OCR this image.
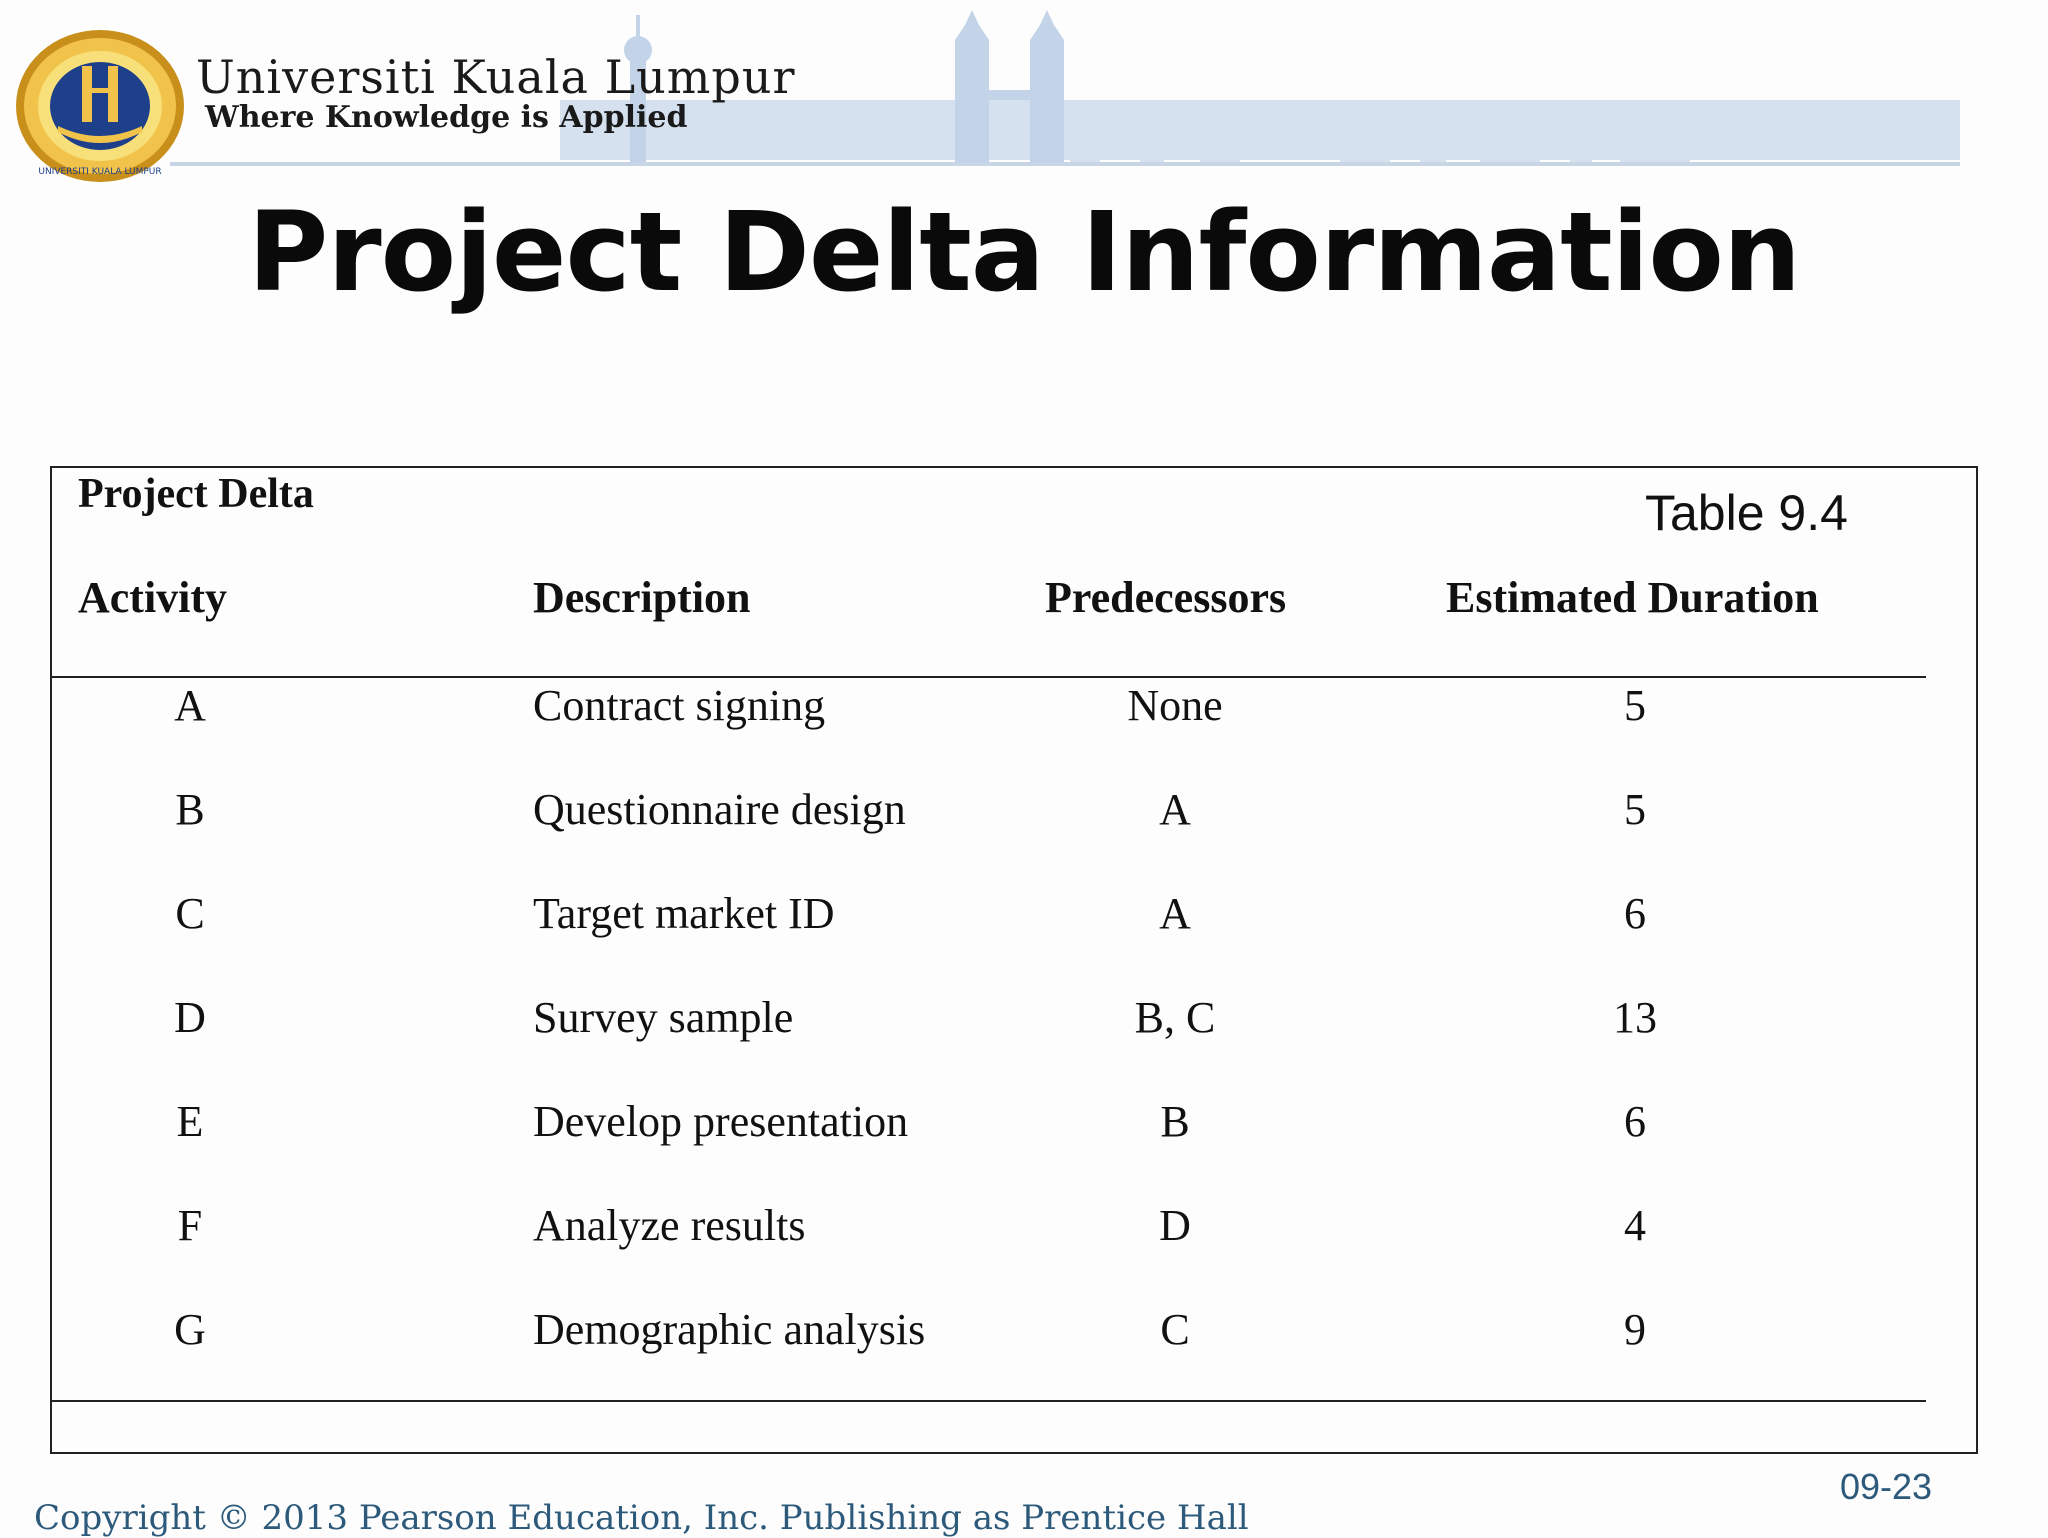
UNIVERSITI KUALA LUMPUR
Universiti Kuala Lumpur
Where Knowledge is Applied
Project Delta Information
Project Delta	Table 9.4
Activity	Description	Predecessors	Estimated Duration
A	Contract signing	None	5
B	Questionnaire design	A	5
C	Target market ID	A	6
D	Survey sample	B, C	13
E	Develop presentation	B	6
F	Analyze results	D	4
G	Demographic analysis	C	9
09-23
Copyright © 2013 Pearson Education, Inc. Publishing as Prentice Hall
